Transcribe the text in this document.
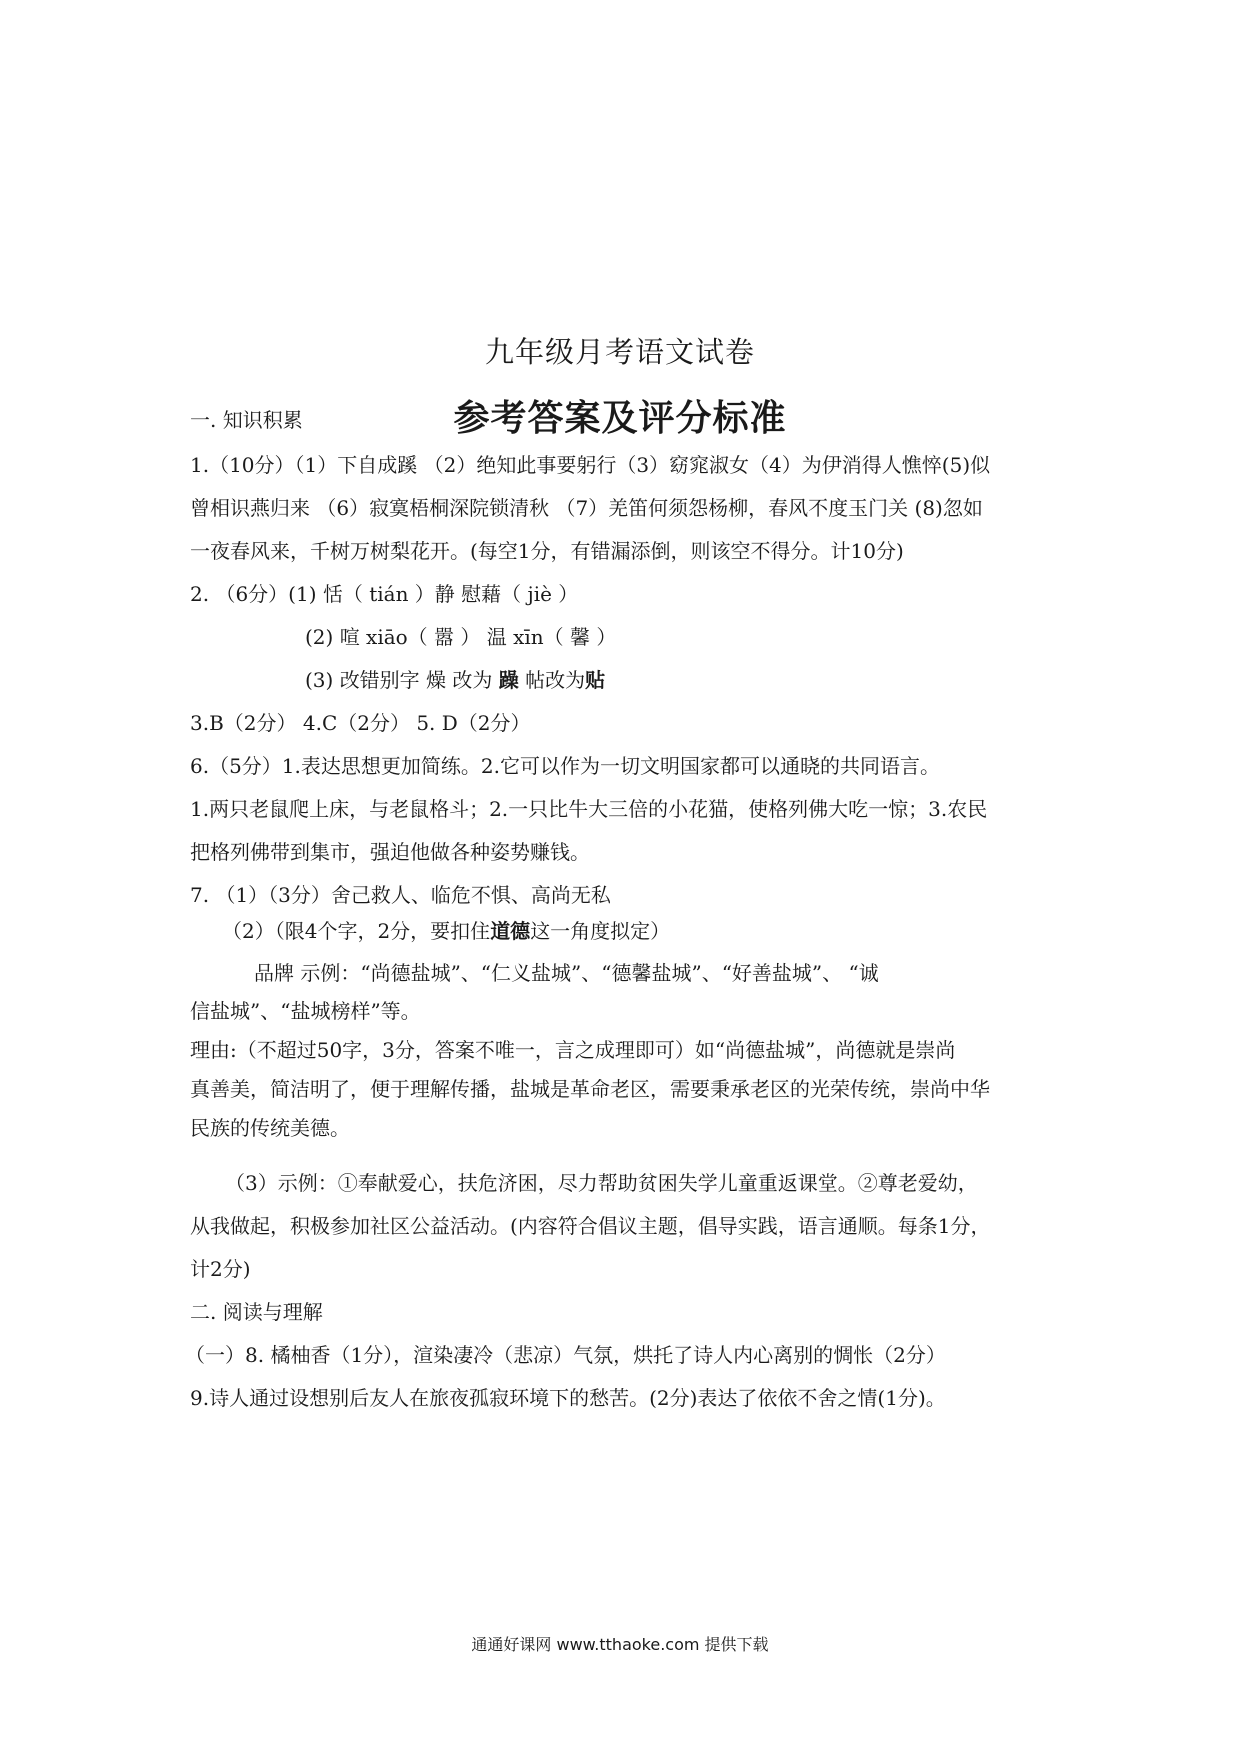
九年级月考语文试卷
参考答案及评分标准
一. 知识积累
1.（10分）（1）下自成蹊 （2）绝知此事要躬行（3）窈窕淑女（4）为伊消得人憔悴(5)似
曾相识燕归来 （6）寂寞梧桐深院锁清秋 （7）羌笛何须怨杨柳，春风不度玉门关 (8)忽如
一夜春风来，千树万树梨花开。(每空1分，有错漏添倒，则该空不得分。计10分)
2. （6分）(1) 恬（ tián ）静 慰藉（ jiè ）
(2) 喧 xiāo（ 嚣 ） 温 xīn（ 馨 ）
(3) 改错别字 燥 改为 躁 帖改为贴
3.B（2分） 4.C（2分） 5. D（2分）
6.（5分）1.表达思想更加简练。2.它可以作为一切文明国家都可以通晓的共同语言。
1.两只老鼠爬上床，与老鼠格斗；2.一只比牛大三倍的小花猫，使格列佛大吃一惊；3.农民
把格列佛带到集市，强迫他做各种姿势赚钱。
7. （1）（3分）舍己救人、临危不惧、高尚无私
（2）（限4个字，2分，要扣住道德这一角度拟定）
品牌 示例：“尚德盐城”、“仁义盐城”、“德馨盐城”、“好善盐城”、 “诚
信盐城”、“盐城榜样”等。
理由:（不超过50字，3分，答案不唯一，言之成理即可）如“尚德盐城”，尚德就是崇尚
真善美，简洁明了，便于理解传播，盐城是革命老区，需要秉承老区的光荣传统，崇尚中华
民族的传统美德。
（3）示例：①奉献爱心，扶危济困，尽力帮助贫困失学儿童重返课堂。②尊老爱幼，
从我做起，积极参加社区公益活动。(内容符合倡议主题，倡导实践，语言通顺。每条1分，
计2分)
二. 阅读与理解
（一）8. 橘柚香（1分），渲染凄冷（悲凉）气氛，烘托了诗人内心离别的惆怅（2分）
9.诗人通过设想别后友人在旅夜孤寂环境下的愁苦。(2分)表达了依依不舍之情(1分)。
通通好课网 www.tthaoke.com 提供下载
